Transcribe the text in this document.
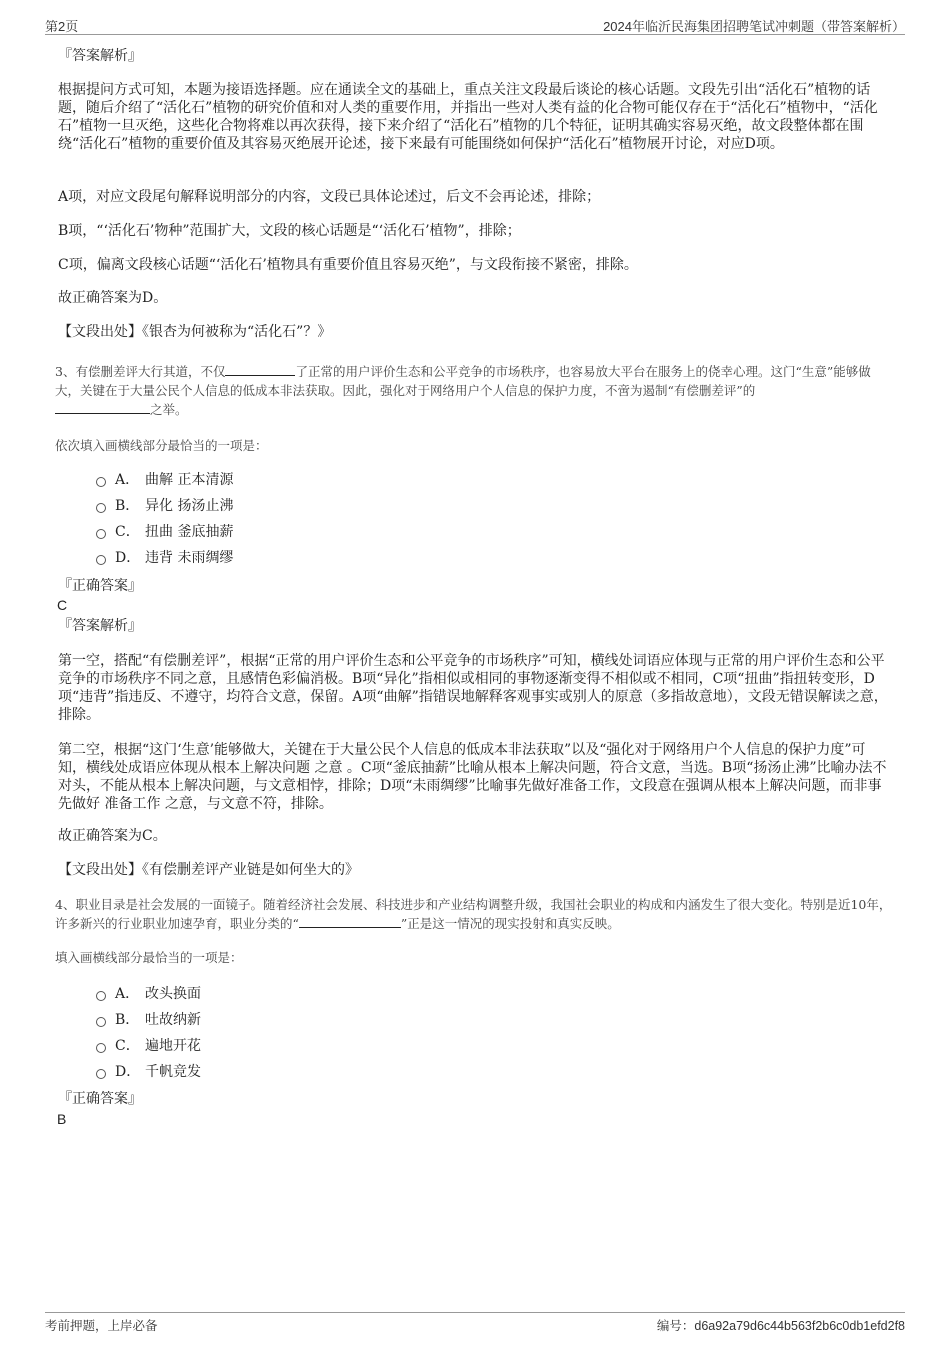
第2页	2024年临沂民海集团招聘笔试冲刺题（带答案解析）
『答案解析』
根据提问方式可知，本题为接语选择题。应在通读全文的基础上，重点关注文段最后谈论的核心话题。文段先引出“活化石”植物的话题，随后介绍了“活化石”植物的研究价值和对人类的重要作用，并指出一些对人类有益的化合物可能仅存在于“活化石”植物中，“活化石”植物一旦灭绝，这些化合物将难以再次获得，接下来介绍了“活化石”植物的几个特征，证明其确实容易灭绝，故文段整体都在围绕“活化石”植物的重要价值及其容易灭绝展开论述，接下来最有可能围绕如何保护“活化石”植物展开讨论，对应D项。
A项，对应文段尾句解释说明部分的内容，文段已具体论述过，后文不会再论述，排除；
B项，“‘活化石’物种”范围扩大，文段的核心话题是“‘活化石’植物”，排除；
C项，偏离文段核心话题“‘活化石’植物具有重要价值且容易灭绝”，与文段衔接不紧密，排除。
故正确答案为D。
【文段出处】《银杏为何被称为“活化石”？》
3、有偿删差评大行其道，不仅	了正常的用户评价生态和公平竞争的市场秩序，也容易放大平台在服务上的侥幸心理。这门“生意”能够做大，关键在于大量公民个人信息的低成本非法获取。因此，强化对于网络用户个人信息的保护力度，不啻为遏制“有偿删差评”的
之举。
依次填入画横线部分最恰当的一项是：
A． 曲解 正本清源
B． 异化 扬汤止沸
C． 扭曲 釜底抽薪
D． 违背 未雨绸缪
『正确答案』
C
『答案解析』
第一空，搭配“有偿删差评”，根据“正常的用户评价生态和公平竞争的市场秩序”可知，横线处词语应体现与正常的用户评价生态和公平竞争的市场秩序不同之意，且感情色彩偏消极。B项“异化”指相似或相同的事物逐渐变得不相似或不相同，C项“扭曲”指扭转变形，D项“违背”指违反、不遵守，均符合文意，保留。A项“曲解”指错误地解释客观事实或别人的原意（多指故意地），文段无错误解读之意，排除。
第二空，根据“这门‘生意’能够做大，关键在于大量公民个人信息的低成本非法获取”以及“强化对于网络用户个人信息的保护力度”可知，横线处成语应体现从根本上解决问题 之意 。C项“釜底抽薪”比喻从根本上解决问题，符合文意，当选。B项“扬汤止沸”比喻办法不对头，不能从根本上解决问题，与文意相悖，排除；D项“未雨绸缪”比喻事先做好准备工作，文段意在强调从根本上解决问题，而非事先做好 准备工作 之意，与文意不符，排除。
故正确答案为C。
【文段出处】《有偿删差评产业链是如何坐大的》
4、职业目录是社会发展的一面镜子。随着经济社会发展、科技进步和产业结构调整升级，我国社会职业的构成和内涵发生了很大变化。特别是近10年，许多新兴的行业职业加速孕育，职业分类的“	”正是这一情况的现实投射和真实反映。
填入画横线部分最恰当的一项是：
A． 改头换面
B． 吐故纳新
C． 遍地开花
D． 千帆竞发
『正确答案』
B
考前押题，上岸必备	编号：d6a92a79d6c44b563f2b6c0db1efd2f8
